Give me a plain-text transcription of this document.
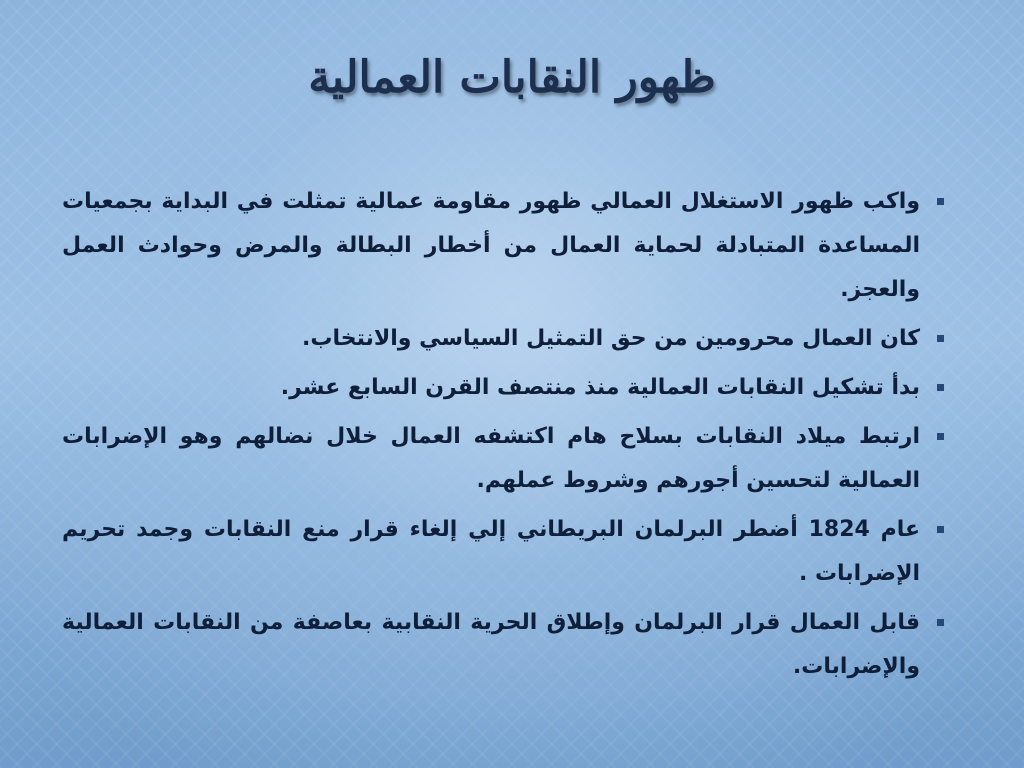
ظهور النقابات العمالية
واكب ظهور الاستغلال العمالي ظهور مقاومة عمالية تمثلت في البداية بجمعيات المساعدة المتبادلة لحماية العمال من أخطار البطالة والمرض وحوادث العمل والعجز.
كان العمال محرومين من حق التمثيل السياسي والانتخاب.
بدأ تشكيل النقابات العمالية منذ منتصف القرن السابع عشر.
ارتبط ميلاد النقابات بسلاح هام اكتشفه العمال خلال نضالهم وهو الإضرابات العمالية لتحسين أجورهم وشروط عملهم.
عام 1824 أضطر البرلمان البريطاني إلي إلغاء قرار منع النقابات وجمد تحريم الإضرابات .
قابل العمال قرار البرلمان وإطلاق الحرية النقابية بعاصفة من النقابات العمالية والإضرابات.
